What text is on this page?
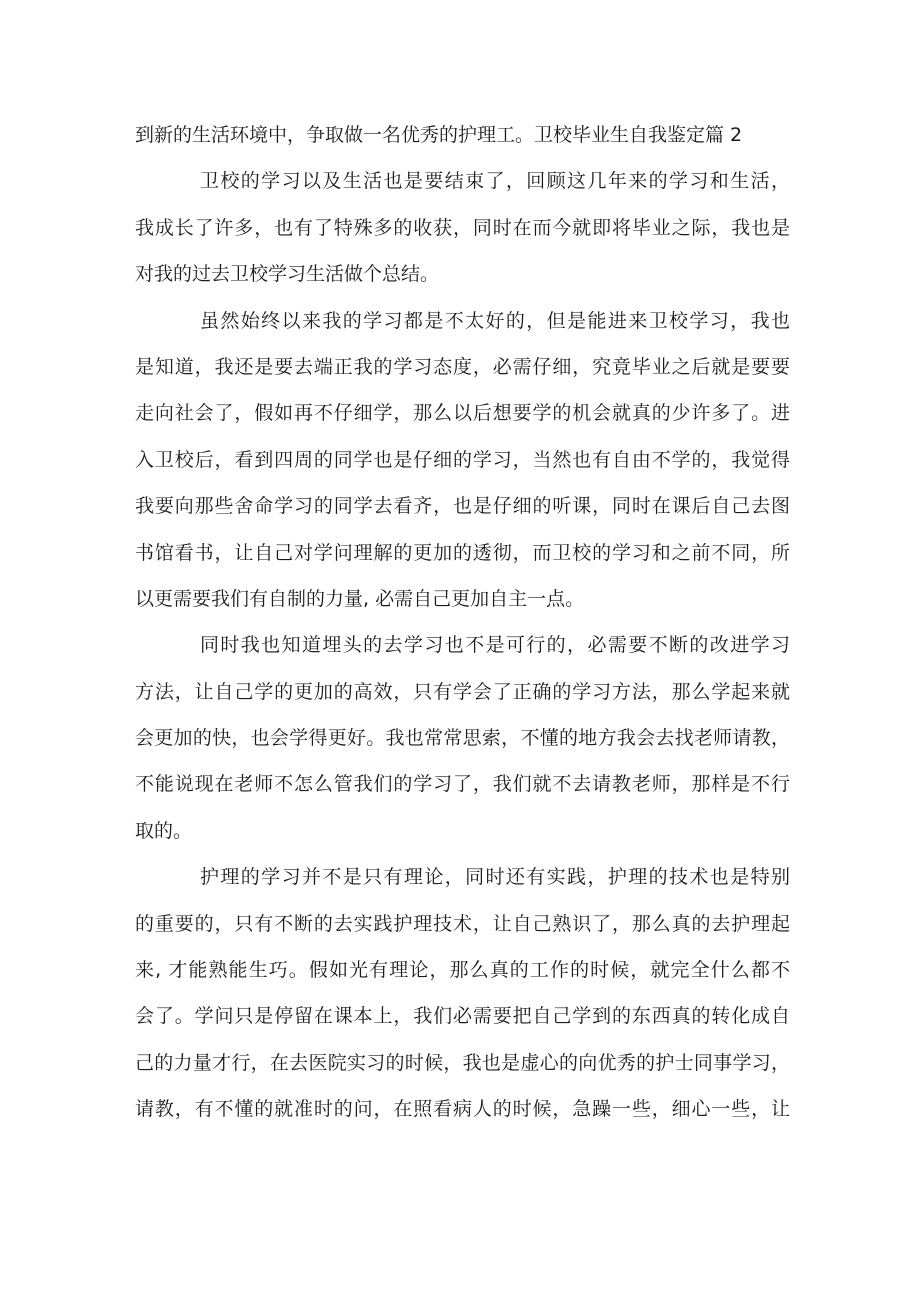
到新的生活环境中，争取做一名优秀的护理工。卫校毕业生自我鉴定篇 2
卫校的学习以及生活也是要结束了，回顾这几年来的学习和生活，
我成长了许多，也有了特殊多的收获，同时在而今就即将毕业之际，我也是
对我的过去卫校学习生活做个总结。
虽然始终以来我的学习都是不太好的，但是能进来卫校学习，我也
是知道，我还是要去端正我的学习态度，必需仔细，究竟毕业之后就是要要
走向社会了，假如再不仔细学，那么以后想要学的机会就真的少许多了。进
入卫校后，看到四周的同学也是仔细的学习，当然也有自由不学的，我觉得
我要向那些舍命学习的同学去看齐，也是仔细的听课，同时在课后自己去图
书馆看书，让自己对学问理解的更加的透彻，而卫校的学习和之前不同，所
以更需要我们有自制的力量, 必需自己更加自主一点。
同时我也知道埋头的去学习也不是可行的，必需要不断的改进学习
方法，让自己学的更加的高效，只有学会了正确的学习方法，那么学起来就
会更加的快，也会学得更好。我也常常思索，不懂的地方我会去找老师请教，
不能说现在老师不怎么管我们的学习了，我们就不去请教老师，那样是不行
取的。
护理的学习并不是只有理论，同时还有实践，护理的技术也是特别
的重要的，只有不断的去实践护理技术，让自己熟识了，那么真的去护理起
来, 才能熟能生巧。假如光有理论，那么真的工作的时候，就完全什么都不
会了。学问只是停留在课本上，我们必需要把自己学到的东西真的转化成自
己的力量才行，在去医院实习的时候，我也是虚心的向优秀的护士同事学习，
请教，有不懂的就准时的问，在照看病人的时候，急躁一些，细心一些，让
